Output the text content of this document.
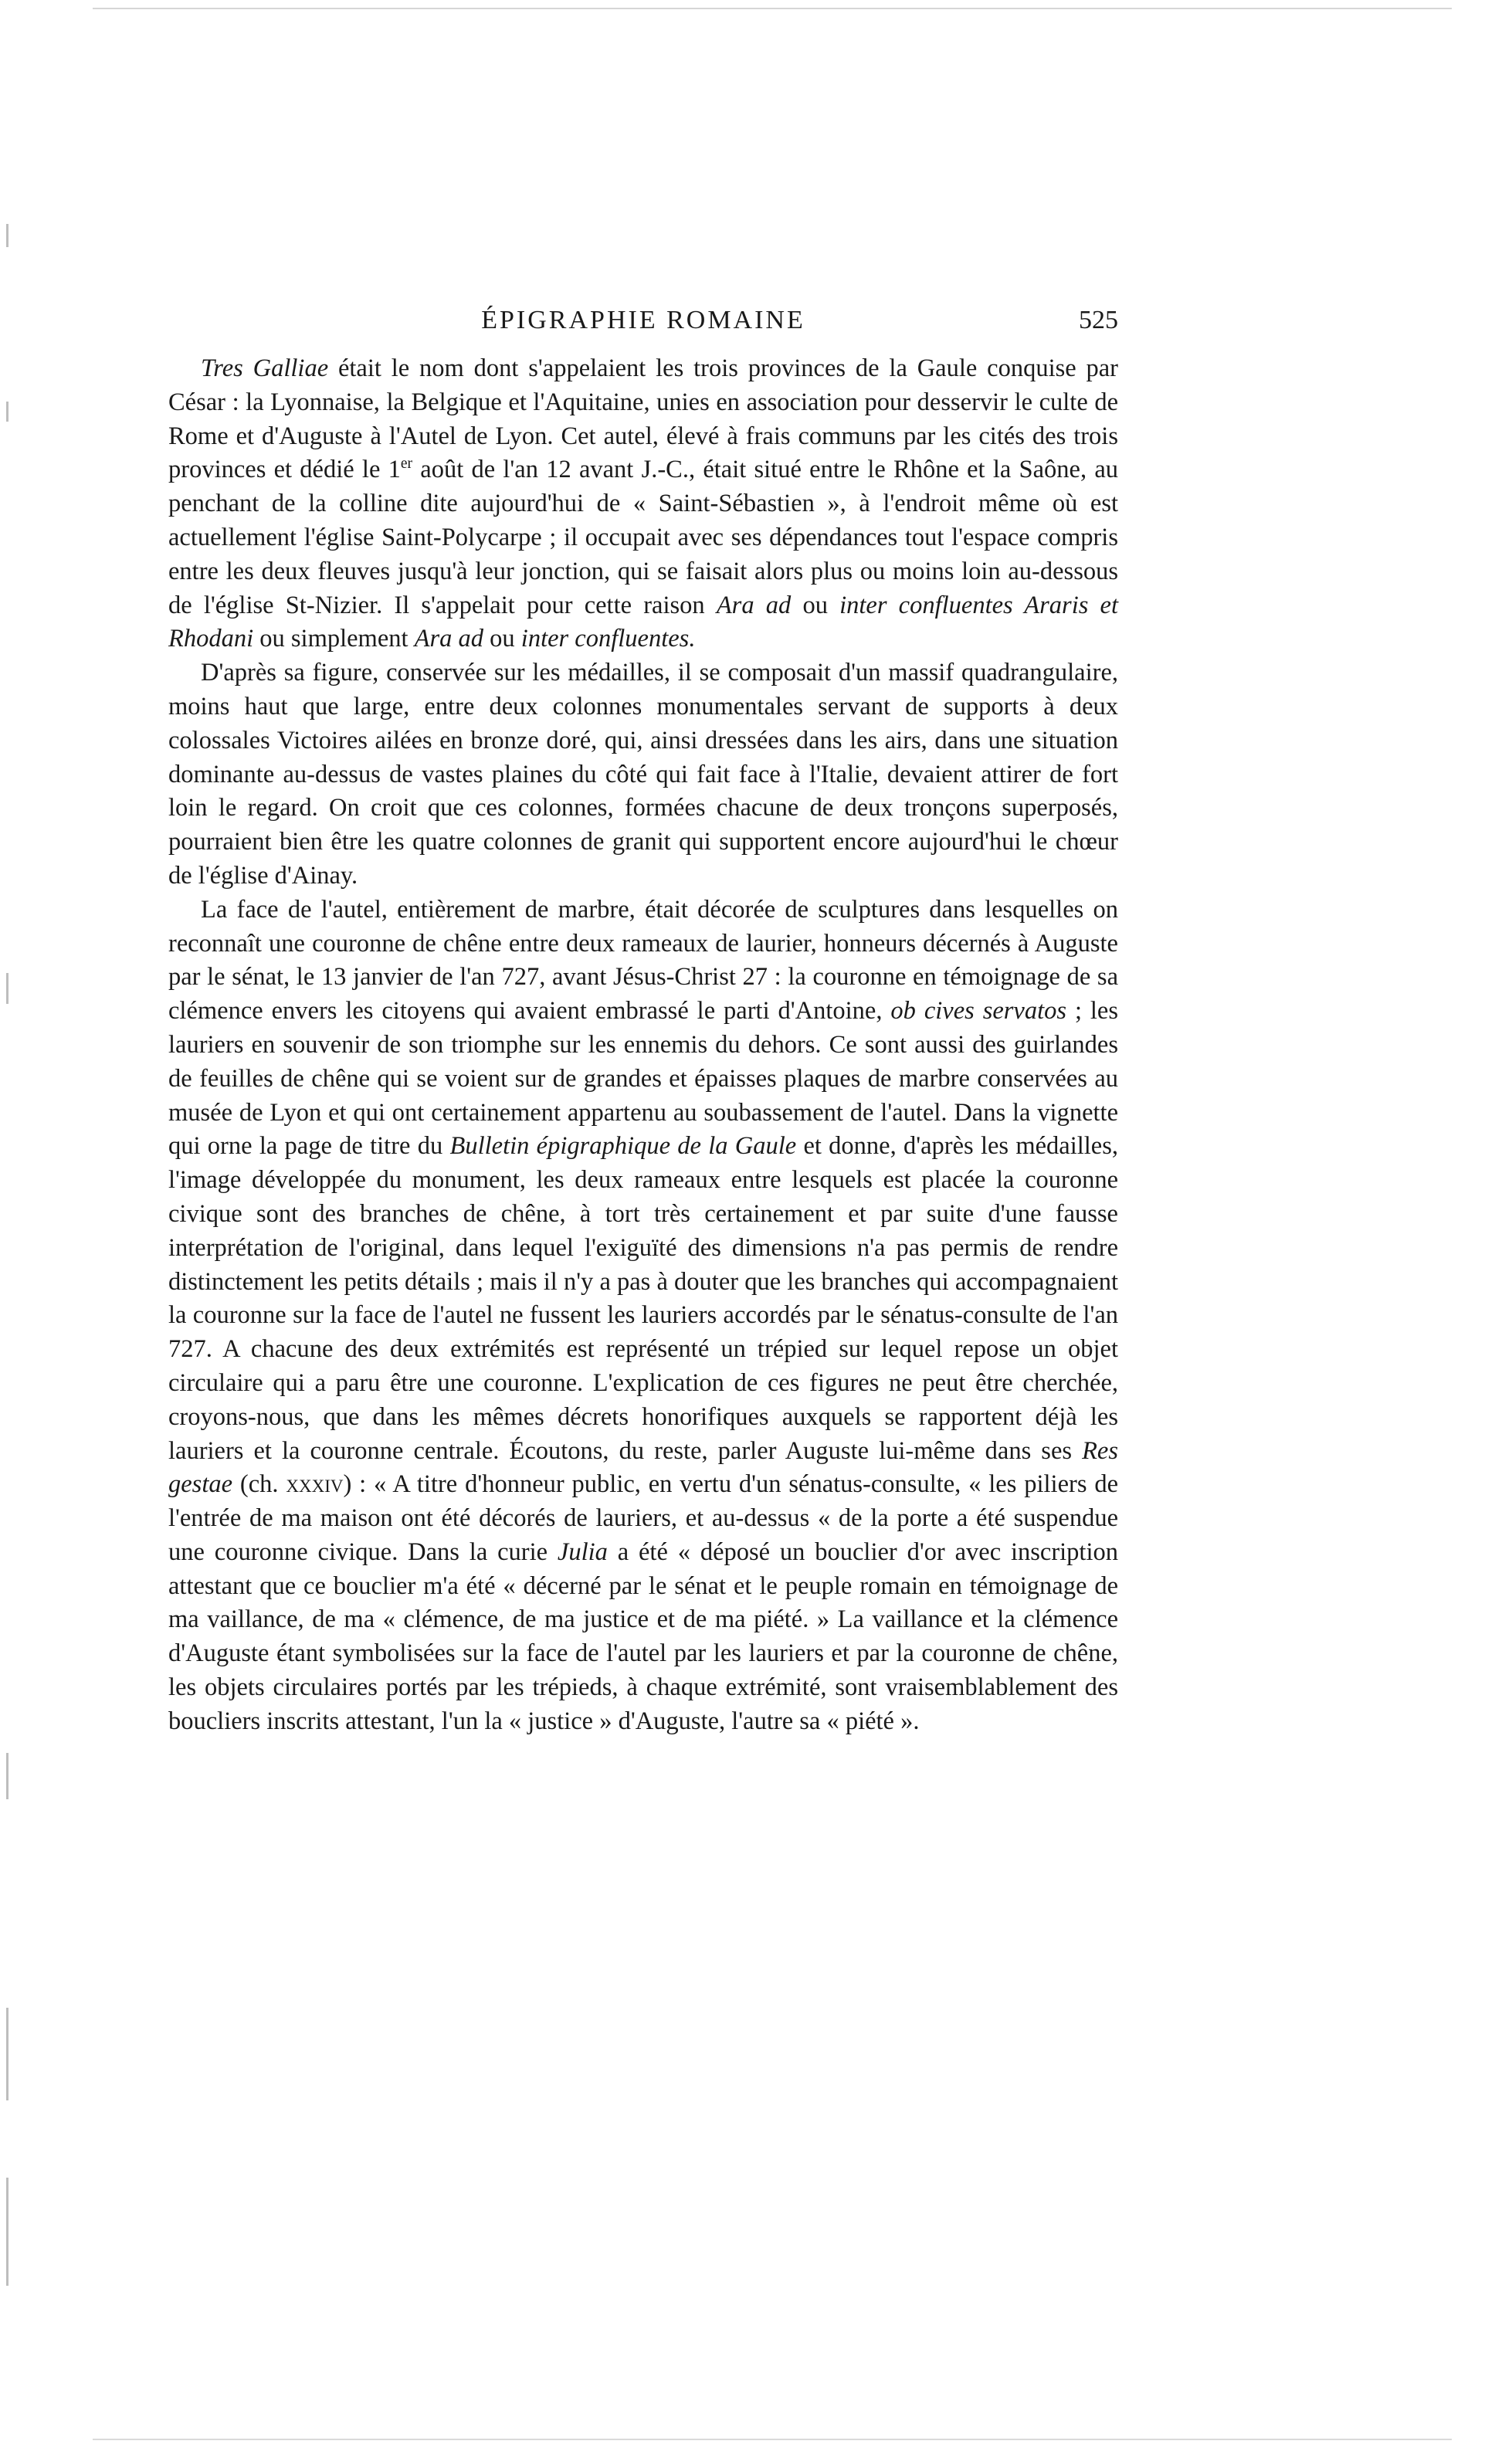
ÉPIGRAPHIE ROMAINE	525

Tres Galliae était le nom dont s'appelaient les trois provinces de la Gaule conquise par César : la Lyonnaise, la Belgique et l'Aquitaine, unies en association pour desservir le culte de Rome et d'Auguste à l'Autel de Lyon. Cet autel, élevé à frais communs par les cités des trois provinces et dédié le 1er août de l'an 12 avant J.-C., était situé entre le Rhône et la Saône, au penchant de la colline dite aujourd'hui de « Saint-Sébastien », à l'endroit même où est actuellement l'église Saint-Polycarpe ; il occupait avec ses dépendances tout l'espace compris entre les deux fleuves jusqu'à leur jonction, qui se faisait alors plus ou moins loin au-dessous de l'église St-Nizier. Il s'appelait pour cette raison Ara ad ou inter confluentes Araris et Rhodani ou simplement Ara ad ou inter confluentes.

D'après sa figure, conservée sur les médailles, il se composait d'un massif quadrangulaire, moins haut que large, entre deux colonnes monumentales servant de supports à deux colossales Victoires ailées en bronze doré, qui, ainsi dressées dans les airs, dans une situation dominante au-dessus de vastes plaines du côté qui fait face à l'Italie, devaient attirer de fort loin le regard. On croit que ces colonnes, formées chacune de deux tronçons superposés, pourraient bien être les quatre colonnes de granit qui supportent encore aujourd'hui le chœur de l'église d'Ainay.

La face de l'autel, entièrement de marbre, était décorée de sculptures dans lesquelles on reconnaît une couronne de chêne entre deux rameaux de laurier, honneurs décernés à Auguste par le sénat, le 13 janvier de l'an 727, avant Jésus-Christ 27 : la couronne en témoignage de sa clémence envers les citoyens qui avaient embrassé le parti d'Antoine, ob cives servatos ; les lauriers en souvenir de son triomphe sur les ennemis du dehors. Ce sont aussi des guirlandes de feuilles de chêne qui se voient sur de grandes et épaisses plaques de marbre conservées au musée de Lyon et qui ont certainement appartenu au soubassement de l'autel. Dans la vignette qui orne la page de titre du Bulletin épigraphique de la Gaule et donne, d'après les médailles, l'image développée du monument, les deux rameaux entre lesquels est placée la couronne civique sont des branches de chêne, à tort très certainement et par suite d'une fausse interprétation de l'original, dans lequel l'exiguïté des dimensions n'a pas permis de rendre distinctement les petits détails ; mais il n'y a pas à douter que les branches qui accompagnaient la couronne sur la face de l'autel ne fussent les lauriers accordés par le sénatus-consulte de l'an 727. A chacune des deux extrémités est représenté un trépied sur lequel repose un objet circulaire qui a paru être une couronne. L'explication de ces figures ne peut être cherchée, croyons-nous, que dans les mêmes décrets honorifiques auxquels se rapportent déjà les lauriers et la couronne centrale. Écoutons, du reste, parler Auguste lui-même dans ses Res gestae (ch. xxxiv) : « A titre d'honneur public, en vertu d'un sénatus-consulte, « les piliers de l'entrée de ma maison ont été décorés de lauriers, et au-dessus « de la porte a été suspendue une couronne civique. Dans la curie Julia a été « déposé un bouclier d'or avec inscription attestant que ce bouclier m'a été « décerné par le sénat et le peuple romain en témoignage de ma vaillance, de ma « clémence, de ma justice et de ma piété. » La vaillance et la clémence d'Auguste étant symbolisées sur la face de l'autel par les lauriers et par la couronne de chêne, les objets circulaires portés par les trépieds, à chaque extrémité, sont vraisemblablement des boucliers inscrits attestant, l'un la « justice » d'Auguste, l'autre sa « piété ».
